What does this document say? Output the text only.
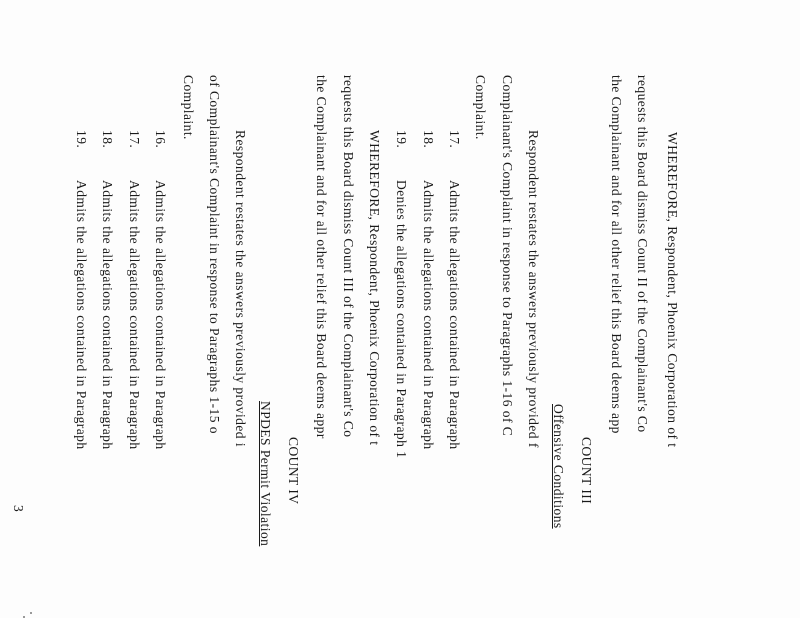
WHEREFORE, Respondent, Phoenix Corporation of t
requests this Board dismiss Count II of the Complainant's Co
the Complainant and for all other relief this Board deems app
COUNT III
Offensive Conditions
Respondent restates the answers previously provided f
Complainant's Complaint in response to Paragraphs 1-16 of C
Complaint.
17.
Admits the allegations contained in Paragraph
18.
Admits the allegations contained in Paragraph
19.
Denies the allegations contained in Paragraph 1
WHEREFORE, Respondent, Phoenix Corporation of t
requests this Board dismiss Count III of the Complainant's Co
the Complainant and for all other relief this Board deems appr
COUNT IV
NPDES Permit Violation
Respondent restates the answers previously provided i
of Complainant's Complaint in response to Paragraphs 1-15 o
Complaint.
16.
Admits the allegations contained in Paragraph
17.
Admits the allegations contained in Paragraph
18.
Admits the allegations contained in Paragraph
19.
Admits the allegations contained in Paragraph
3
